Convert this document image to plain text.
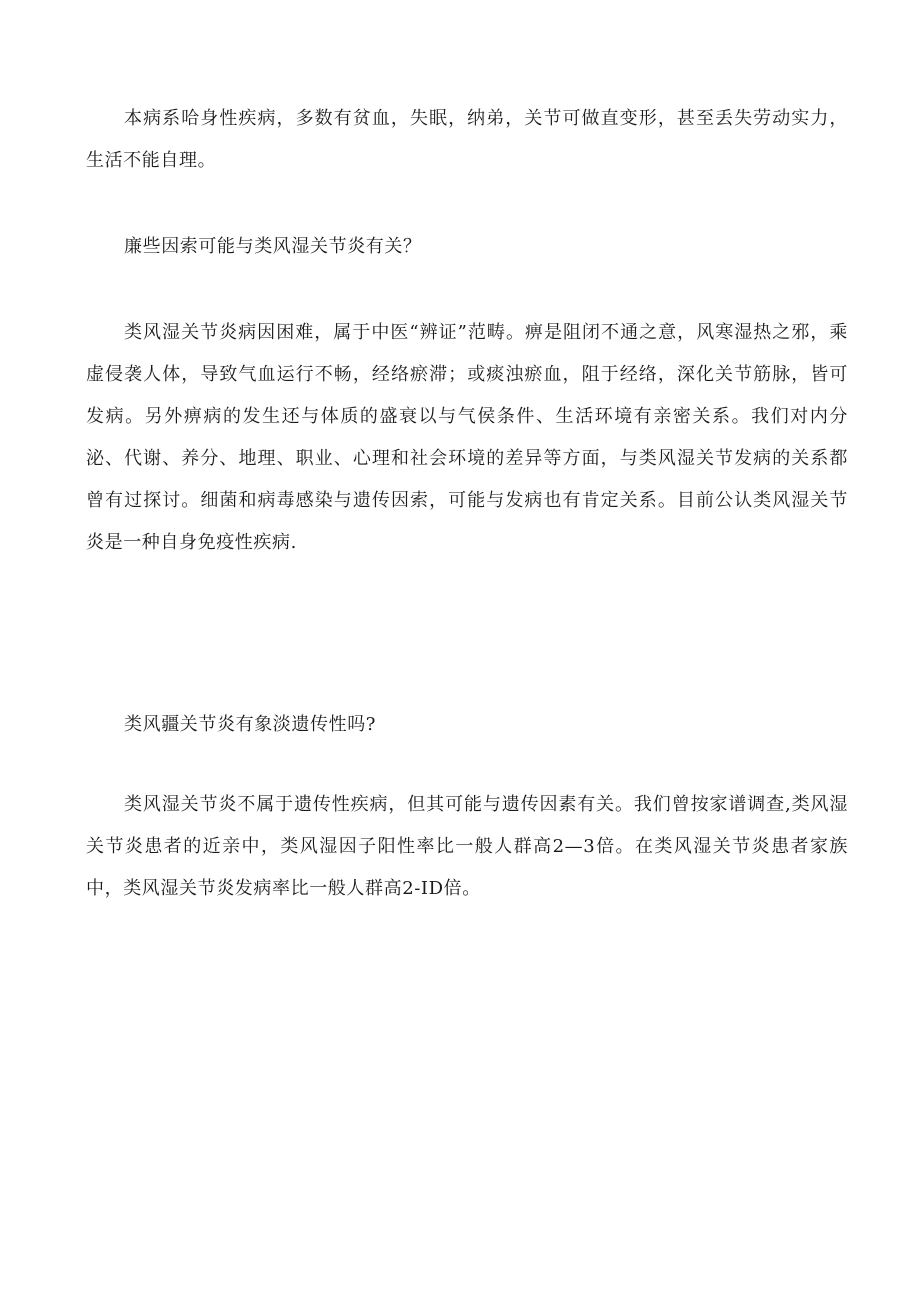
本病系哈身性疾病，多数有贫血，失眠，纳弟，关节可做直变形，甚至丢失劳动实力，生活不能自理。

廉些因索可能与类风湿关节炎有关？

类风湿关节炎病因困难，属于中医“辨证”范畴。痹是阻闭不通之意，风寒湿热之邪，乘虚侵袭人体，导致气血运行不畅，经络瘀滞；或痰浊瘀血，阻于经络，深化关节筋脉，皆可发病。另外痹病的发生还与体质的盛衰以与气侯条件、生活环境有亲密关系。我们对内分泌、代谢、养分、地理、职业、心理和社会环境的差异等方面，与类风湿关节发病的关系都曾有过探讨。细菌和病毒感染与遗传因索，可能与发病也有肯定关系。目前公认类风湿关节炎是一种自身免疫性疾病.

类风疆关节炎有象淡遗传性吗?

类风湿关节炎不属于遗传性疾病，但其可能与遗传因素有关。我们曾按家谱调查,类风湿关节炎患者的近亲中，类风湿因子阳性率比一般人群高2—3倍。在类风湿关节炎患者家族中，类风湿关节炎发病率比一般人群高2-ID倍。
